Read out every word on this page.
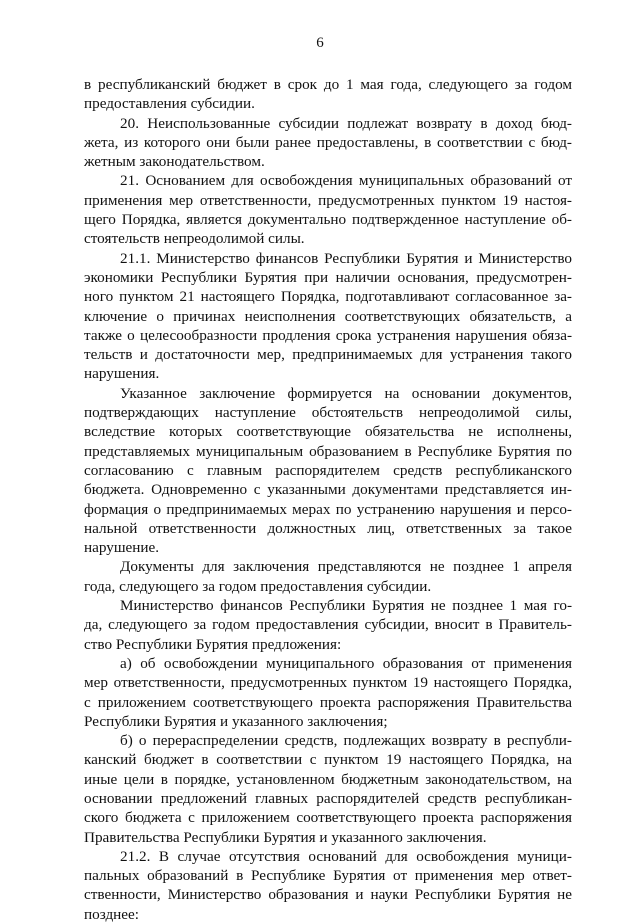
6
в республиканский бюджет в срок до 1 мая года, следующего за годом
предоставления субсидии.
20. Неиспользованные субсидии подлежат возврату в доход бюд-
жета, из которого они были ранее предоставлены, в соответствии с бюд-
жетным законодательством.
21. Основанием для освобождения муниципальных образований от
применения мер ответственности, предусмотренных пунктом 19 настоя-
щего Порядка, является документально подтвержденное наступление об-
стоятельств непреодолимой силы.
21.1. Министерство финансов Республики Бурятия и Министерство
экономики Республики Бурятия при наличии основания, предусмотрен-
ного пунктом 21 настоящего Порядка, подготавливают согласованное за-
ключение о причинах неисполнения соответствующих обязательств, а
также о целесообразности продления срока устранения нарушения обяза-
тельств и достаточности мер, предпринимаемых для устранения такого
нарушения.
Указанное заключение формируется на основании документов,
подтверждающих наступление обстоятельств непреодолимой силы,
вследствие которых соответствующие обязательства не исполнены,
представляемых муниципальным образованием в Республике Бурятия по
согласованию с главным распорядителем средств республиканского
бюджета. Одновременно с указанными документами представляется ин-
формация о предпринимаемых мерах по устранению нарушения и персо-
нальной ответственности должностных лиц, ответственных за такое
нарушение.
Документы для заключения представляются не позднее 1 апреля
года, следующего за годом предоставления субсидии.
Министерство финансов Республики Бурятия не позднее 1 мая го-
да, следующего за годом предоставления субсидии, вносит в Правитель-
ство Республики Бурятия предложения:
а) об освобождении муниципального образования от применения
мер ответственности, предусмотренных пунктом 19 настоящего Порядка,
с приложением соответствующего проекта распоряжения Правительства
Республики Бурятия и указанного заключения;
б) о перераспределении средств, подлежащих возврату в республи-
канский бюджет в соответствии с пунктом 19 настоящего Порядка, на
иные цели в порядке, установленном бюджетным законодательством, на
основании предложений главных распорядителей средств республикан-
ского бюджета с приложением соответствующего проекта распоряжения
Правительства Республики Бурятия и указанного заключения.
21.2. В случае отсутствия оснований для освобождения муници-
пальных образований в Республике Бурятия от применения мер ответ-
ственности, Министерство образования и науки Республики Бурятия не
позднее:
